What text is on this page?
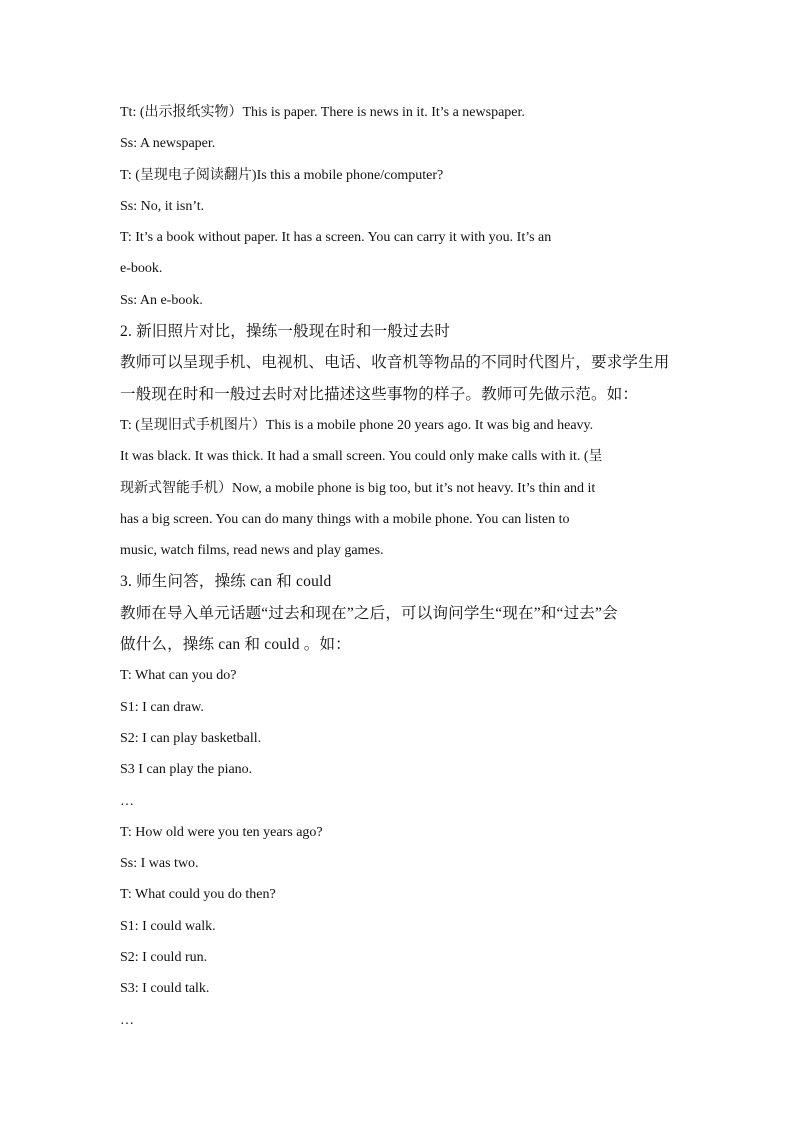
Tt: (出示报纸实物）This is paper. There is news in it. It’s a newspaper.
Ss: A newspaper.
T: (呈现电子阅读翻片)Is this a mobile phone/computer?
Ss: No, it isn’t.
T: It’s a book without paper. It has a screen. You can carry it with you. It’s an
e-book.
Ss: An e-book.
2. 新旧照片对比，操练一般现在时和一般过去时
教师可以呈现手机、电视机、电话、收音机等物品的不同时代图片，要求学生用
一般现在时和一般过去时对比描述这些事物的样子。教师可先做示范。如：
T: (呈现旧式手机图片）This is a mobile phone 20 years ago. It was big and heavy.
It was black. It was thick. It had a small screen. You could only make calls with it. (呈
现新式智能手机）Now, a mobile phone is big too, but it’s not heavy. It’s thin and it
has a big screen. You can do many things with a mobile phone. You can listen to
music, watch films, read news and play games.
3. 师生问答，操练 can 和 could
教师在导入单元话题“过去和现在”之后，可以询问学生“现在”和“过去”会
做什么，操练 can 和 could 。如：
T: What can you do?
S1: I can draw.
S2: I can play basketball.
S3 I can play the piano.
…
T: How old were you ten years ago?
Ss: I was two.
T: What could you do then?
S1: I could walk.
S2: I could run.
S3: I could talk.
…
